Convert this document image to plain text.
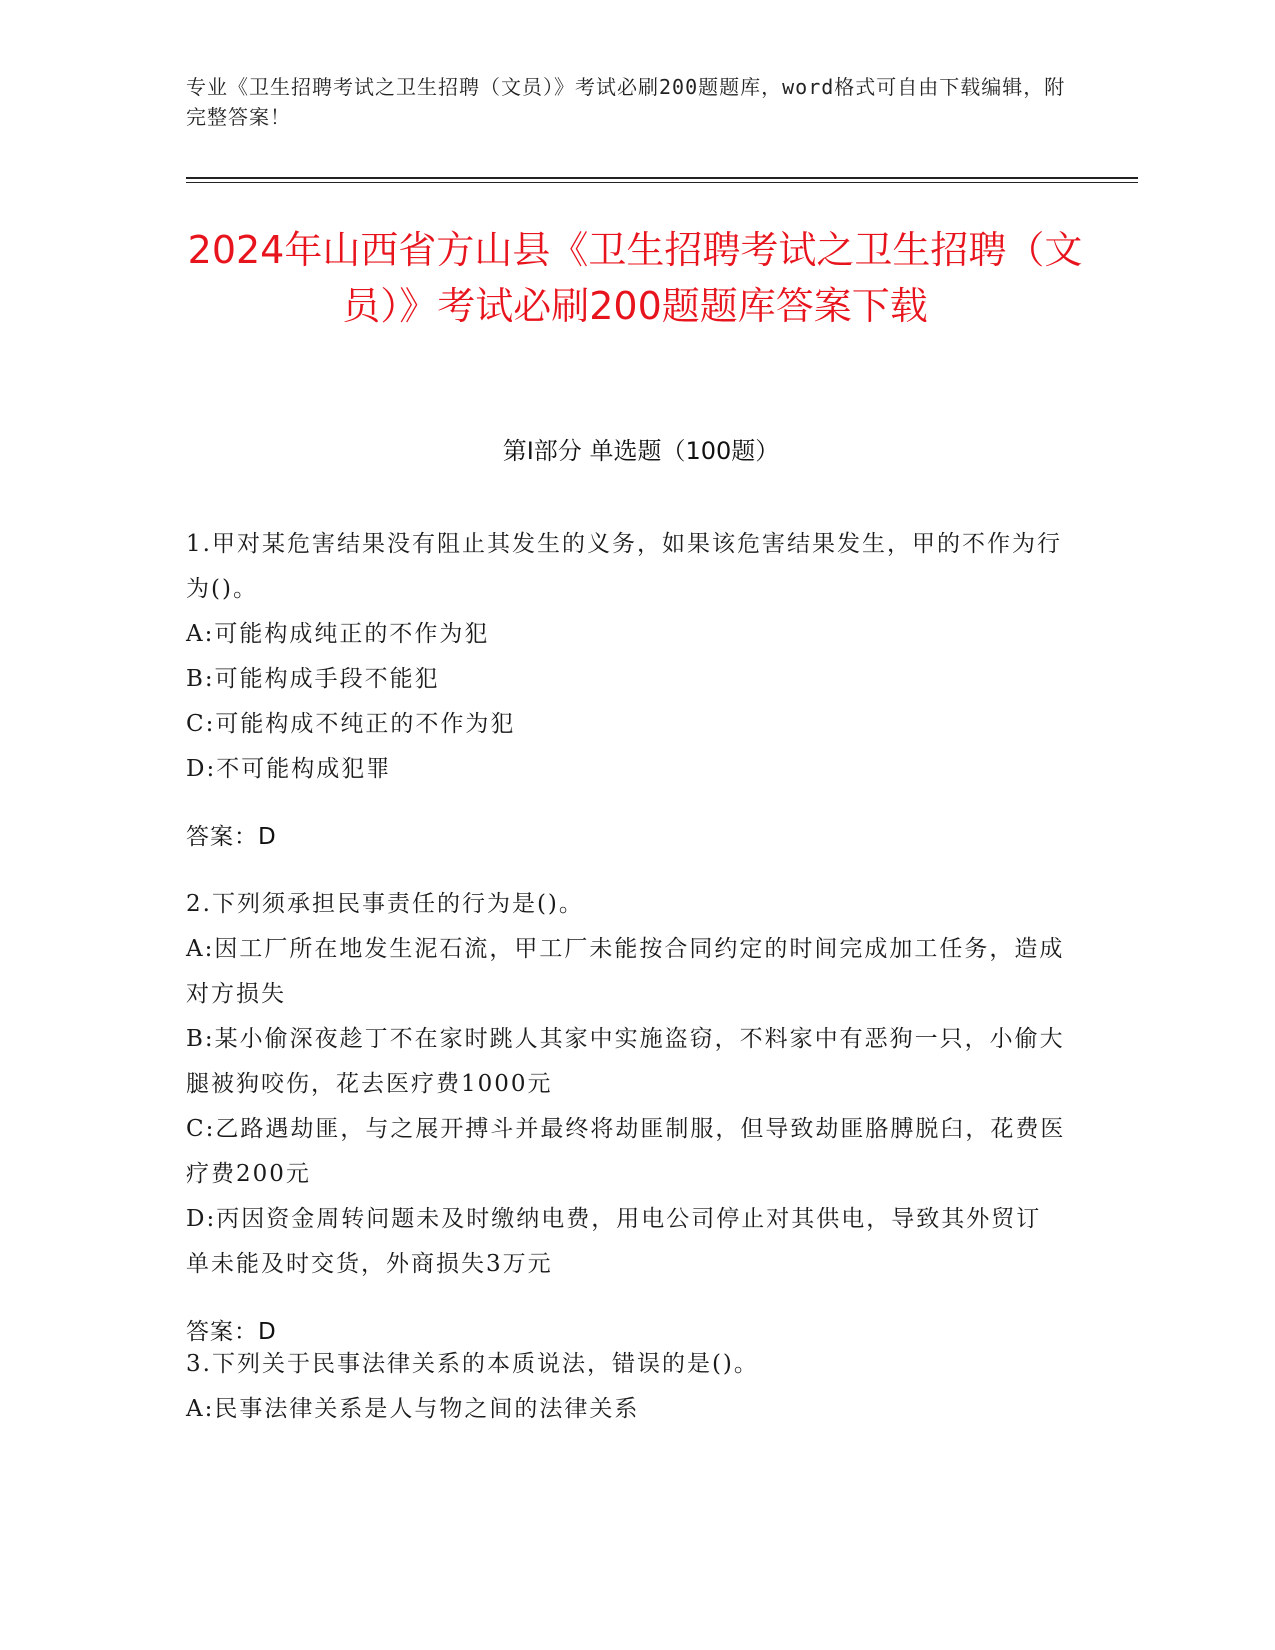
专业《卫生招聘考试之卫生招聘（文员）》考试必刷200题题库，word格式可自由下载编辑，附完整答案！
2024年山西省方山县《卫生招聘考试之卫生招聘（文员）》考试必刷200题题库答案下载
第I部分 单选题（100题）

1.甲对某危害结果没有阻止其发生的义务，如果该危害结果发生，甲的不作为行为()。

A:可能构成纯正的不作为犯

B:可能构成手段不能犯

C:可能构成不纯正的不作为犯

D:不可能构成犯罪

答案：D

2.下列须承担民事责任的行为是()。

A:因工厂所在地发生泥石流，甲工厂未能按合同约定的时间完成加工任务，造成对方损失

B:某小偷深夜趁丁不在家时跳人其家中实施盗窃，不料家中有恶狗一只，小偷大腿被狗咬伤，花去医疗费1000元

C:乙路遇劫匪，与之展开搏斗并最终将劫匪制服，但导致劫匪胳膊脱臼，花费医疗费200元

D:丙因资金周转问题未及时缴纳电费，用电公司停止对其供电，导致其外贸订单未能及时交货，外商损失3万元

答案：D

3.下列关于民事法律关系的本质说法，错误的是()。

A:民事法律关系是人与物之间的法律关系
